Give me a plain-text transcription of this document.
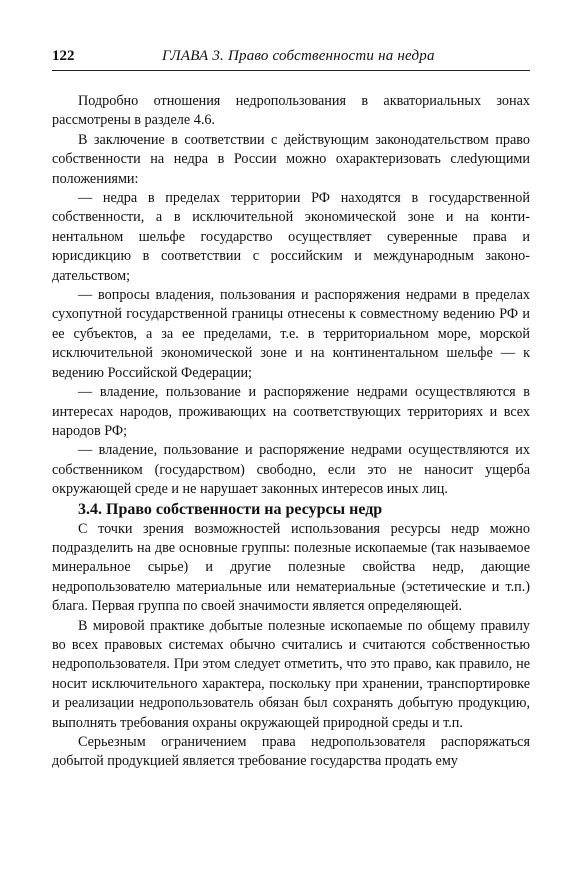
122	ГЛАВА 3. Право собственности на недра

Подробно отношения недропользования в акваториальных зонах рассмотрены в разделе 4.6.

В заключение в соответствии с действующим законодательством право собственности на недра в России можно охарактеризовать слеdующими положениями:

— недра в пределах территории РФ находятся в государственной собственности, а в исключительной экономической зоне и на континентальном шельфе государство осуществляет суверенные права и юрисдикцию в соответствии с российским и международным законодательством;

— вопросы владения, пользования и распоряжения недрами в пределах сухопутной государственной границы отнесены к совместному ведению РФ и ее субъектов, а за ее пределами, т.е. в территориальном море, морской исключительной экономической зоне и на континентальном шельфе — к ведению Российской Федерации;

— владение, пользование и распоряжение недрами осуществляются в интересах народов, проживающих на соответствующих территориях и всех народов РФ;

— владение, пользование и распоряжение недрами осуществляются их собственником (государством) свободно, если это не наносит ущерба окружающей среде и не нарушает законных интересов иных лиц.

3.4. Право собственности на ресурсы недр

С точки зрения возможностей использования ресурсы недр можно подразделить на две основные группы: полезные ископаемые (так называемое минеральное сырье) и другие полезные свойства недр, дающие недропользователю материальные или нематериальные (эстетические и т.п.) блага. Первая группа по своей значимости является определяющей.

В мировой практике добытые полезные ископаемые по общему правилу во всех правовых системах обычно считались и считаются собственностью недропользователя. При этом следует отметить, что это право, как правило, не носит исключительного характера, поскольку при хранении, транспортировке и реализации недропользователь обязан был сохранять добытую продукцию, выполнять требования охраны окружающей природной среды и т.п.

Серьезным ограничением права недропользователя распоряжаться добытой продукцией является требование государства продать ему
